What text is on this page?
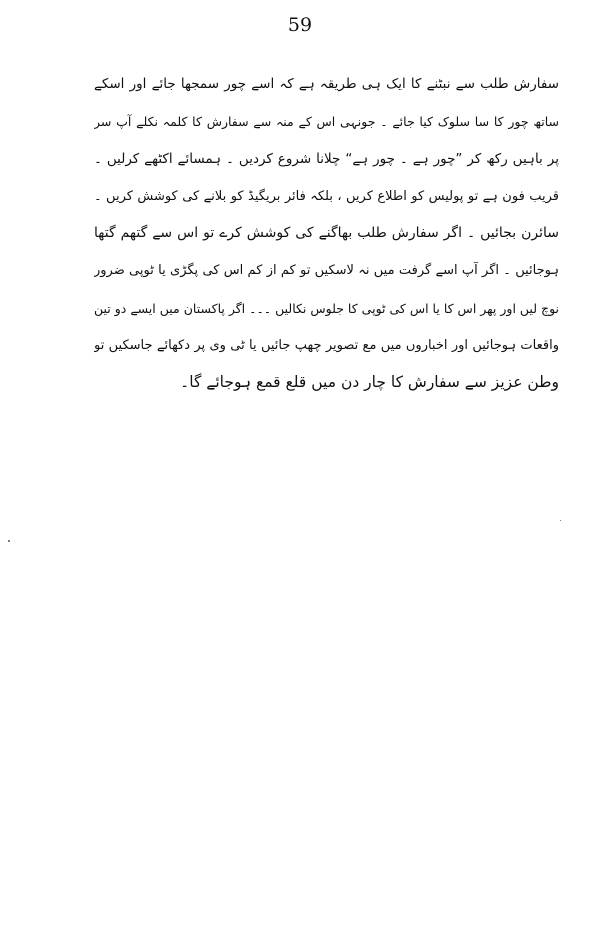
59
سفارش طلب سے نبٹنے کا ایک ہی طریقہ ہے کہ اسے چور سمجھا جائے اور اسکے
ساتھ چور کا سا سلوک کیا جائے ۔ جونہی اس کے منہ سے سفارش کا کلمہ نکلے آپ سر
پر باہیں رکھ کر ”چور ہے ۔ چور ہے“ چلانا شروع کردیں ۔ ہمسائے اکٹھے کرلیں ۔
قریب فون ہے تو پولیس کو اطلاع کریں ، بلکہ فائر بریگیڈ کو بلانے کی کوشش کریں ۔
سائرن بجائیں ۔ اگر سفارش طلب بھاگنے کی کوشش کرے تو اس سے گتھم گتھا
ہوجائیں ۔ اگر آپ اسے گرفت میں نہ لاسکیں تو کم از کم اس کی پگڑی یا ٹوپی ضرور
نوچ لیں اور پھر اس کا یا اس کی ٹوپی کا جلوس نکالیں ۔۔۔ اگر پاکستان میں ایسے دو تین
واقعات ہوجائیں اور اخباروں میں مع تصویر چھپ جائیں یا ٹی وی پر دکھائے جاسکیں تو
وطن عزیز سے سفارش کا چار دن میں قلع قمع ہوجائے گا۔
